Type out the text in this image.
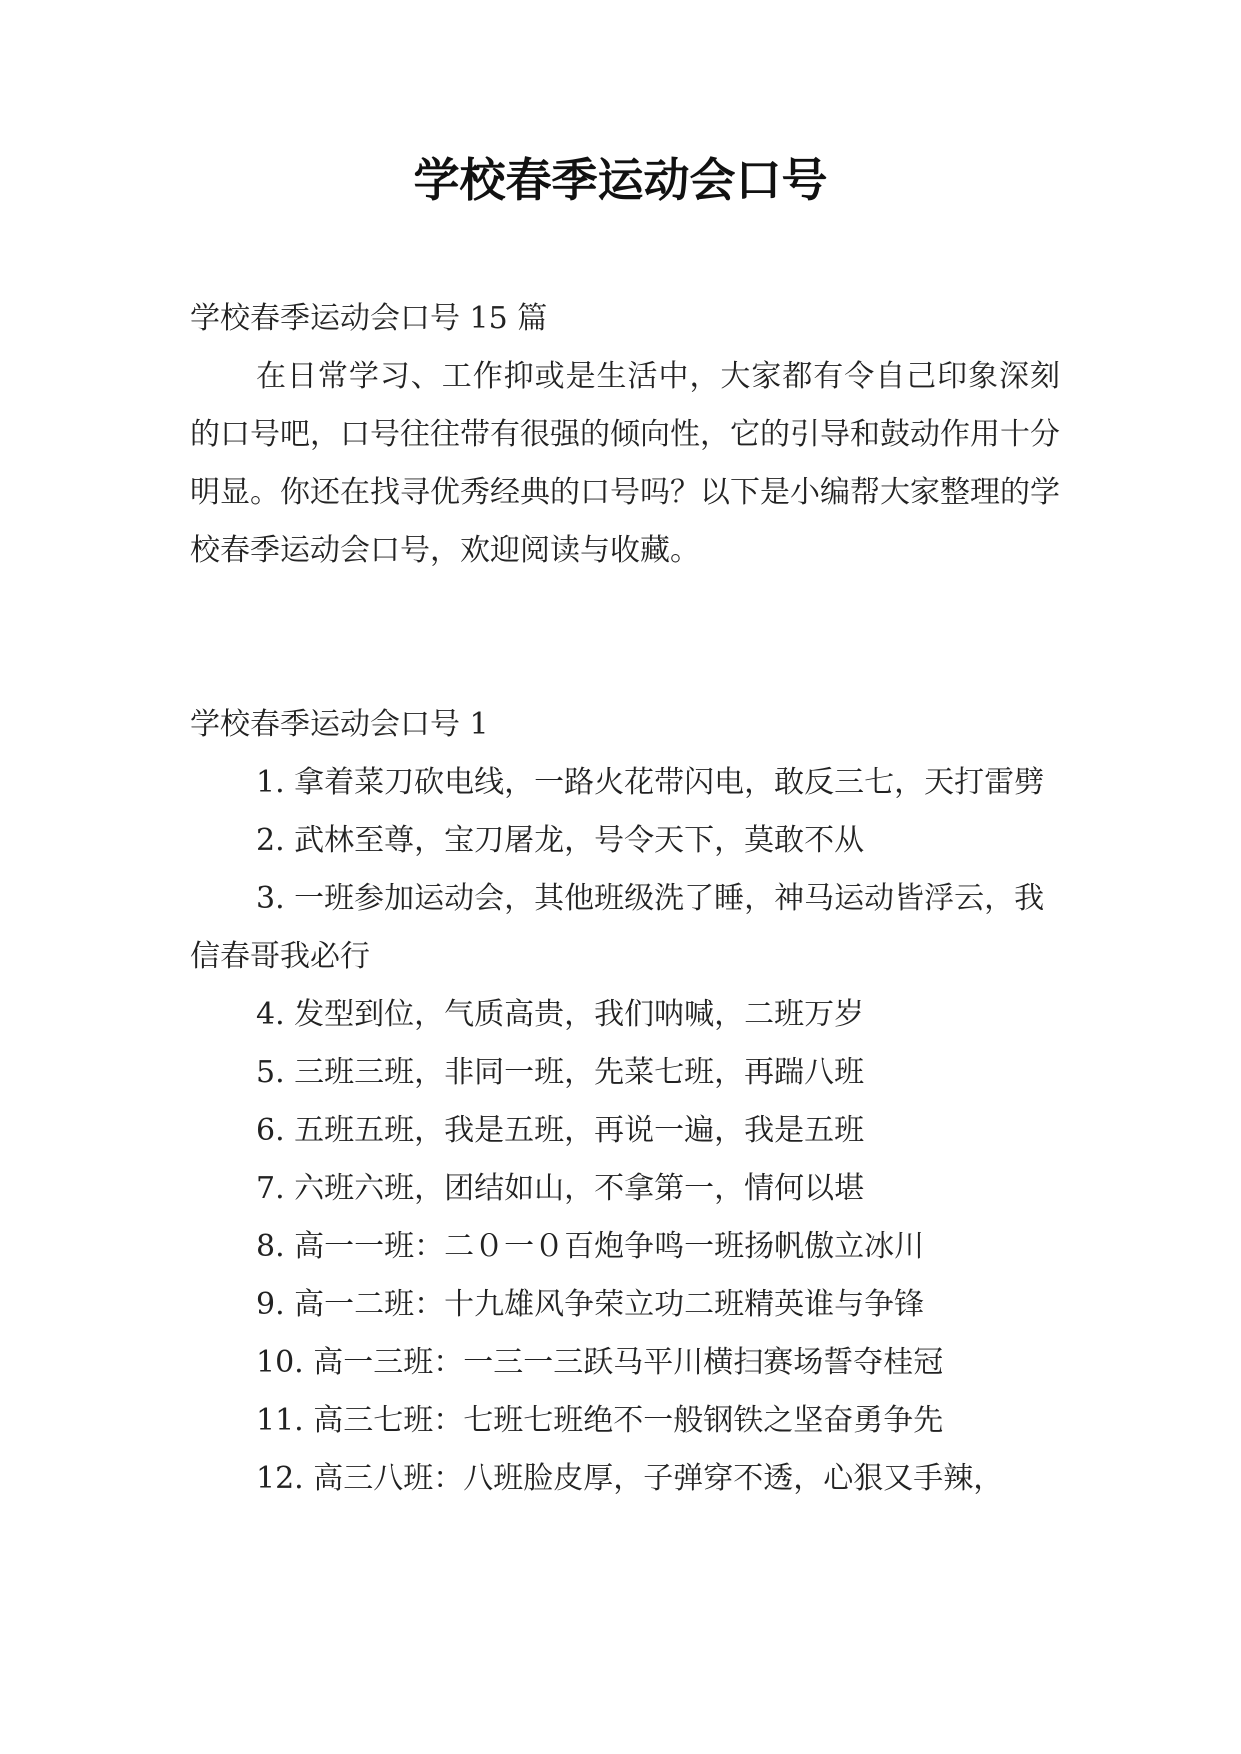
学校春季运动会口号

学校春季运动会口号 15 篇

在日常学习、工作抑或是生活中，大家都有令自己印象深刻的口号吧，口号往往带有很强的倾向性，它的引导和鼓动作用十分明显。你还在找寻优秀经典的口号吗？以下是小编帮大家整理的学校春季运动会口号，欢迎阅读与收藏。

学校春季运动会口号 1

1. 拿着菜刀砍电线，一路火花带闪电，敢反三七，天打雷劈

2. 武林至尊，宝刀屠龙，号令天下，莫敢不从

3. 一班参加运动会，其他班级洗了睡，神马运动皆浮云，我信春哥我必行

4. 发型到位，气质高贵，我们呐喊，二班万岁

5. 三班三班，非同一班，先菜七班，再踹八班

6. 五班五班，我是五班，再说一遍，我是五班

7. 六班六班，团结如山，不拿第一，情何以堪

8. 高一一班：二０一０百炮争鸣一班扬帆傲立冰川

9. 高一二班：十九雄风争荣立功二班精英谁与争锋

10. 高一三班：一三一三跃马平川横扫赛场誓夺桂冠

11. 高三七班：七班七班绝不一般钢铁之坚奋勇争先

12. 高三八班：八班脸皮厚，子弹穿不透，心狠又手辣，
